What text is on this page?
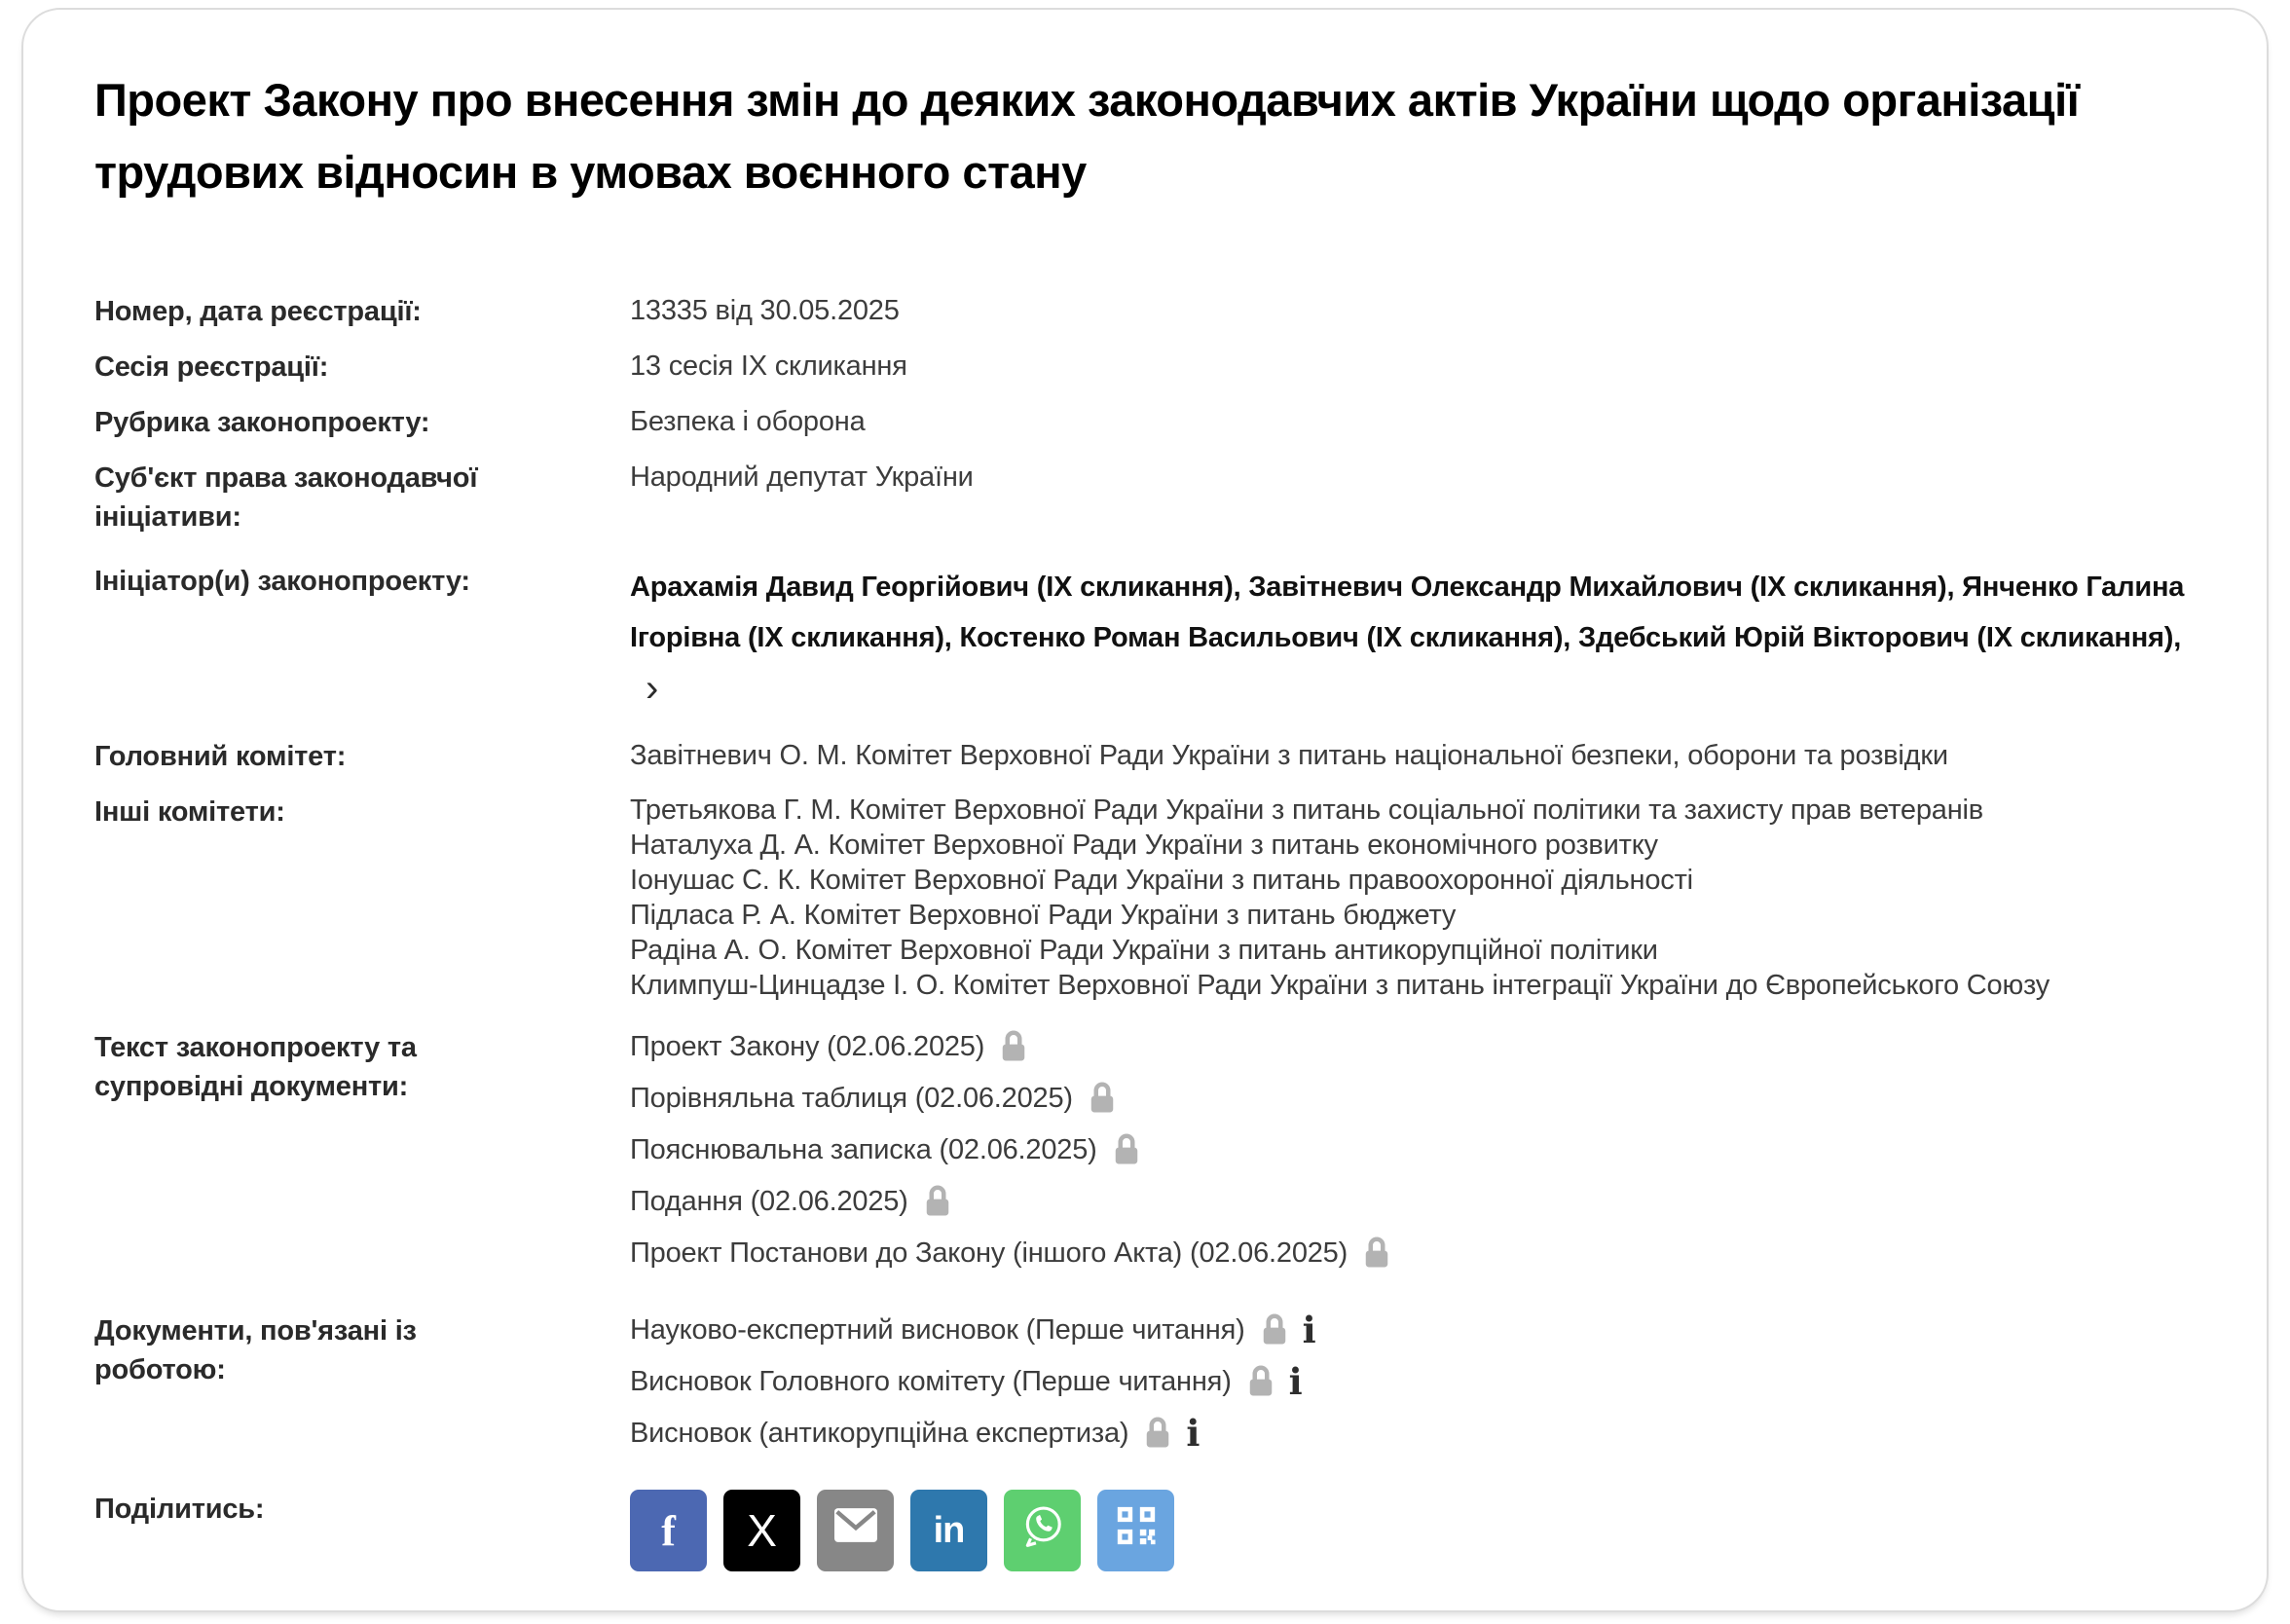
Проект Закону про внесення змін до деяких законодавчих актів України щодо організації трудових відносин в умовах воєнного стану
Номер, дата реєстрації:	13335 від 30.05.2025
Сесія реєстрації:	13 сесія IX скликання
Рубрика законопроекту:	Безпека і оборона
Суб'єкт права законодавчої ініціативи:
Народний депутат України
Ініціатор(и) законопроекту:	Арахамія Давид Георгійович (IX скликання), Завітневич Олександр Михайлович (IX скликання), Янченко Галина Ігорівна (IX скликання), Костенко Роман Васильович (IX скликання), Здебський Юрій Вікторович (IX скликання),›
Головний комітет:	Завітневич О. М. Комітет Верховної Ради України з питань національної безпеки, оборони та розвідки
Інші комітети:	Третьякова Г. М. Комітет Верховної Ради України з питань соціальної політики та захисту прав ветеранів
Наталуха Д. А. Комітет Верховної Ради України з питань економічного розвитку
Іонушас С. К. Комітет Верховної Ради України з питань правоохоронної діяльності
Підласа Р. А. Комітет Верховної Ради України з питань бюджету
Радіна А. О. Комітет Верховної Ради України з питань антикорупційної політики
Климпуш-Цинцадзе І. О. Комітет Верховної Ради України з питань інтеграції України до Європейського Союзу
Текст законопроекту та супровідні документи:
Проект Закону (02.06.2025)
Порівняльна таблиця (02.06.2025)
Пояснювальна записка (02.06.2025)
Подання (02.06.2025)
Проект Постанови до Закону (іншого Акта) (02.06.2025)
Документи, пов'язані із роботою:
Науково-експертний висновок (Перше читання) i
Висновок Головного комітету (Перше читання) i
Висновок (антикорупційна експертиза) i
Поділитись:	f X	in
